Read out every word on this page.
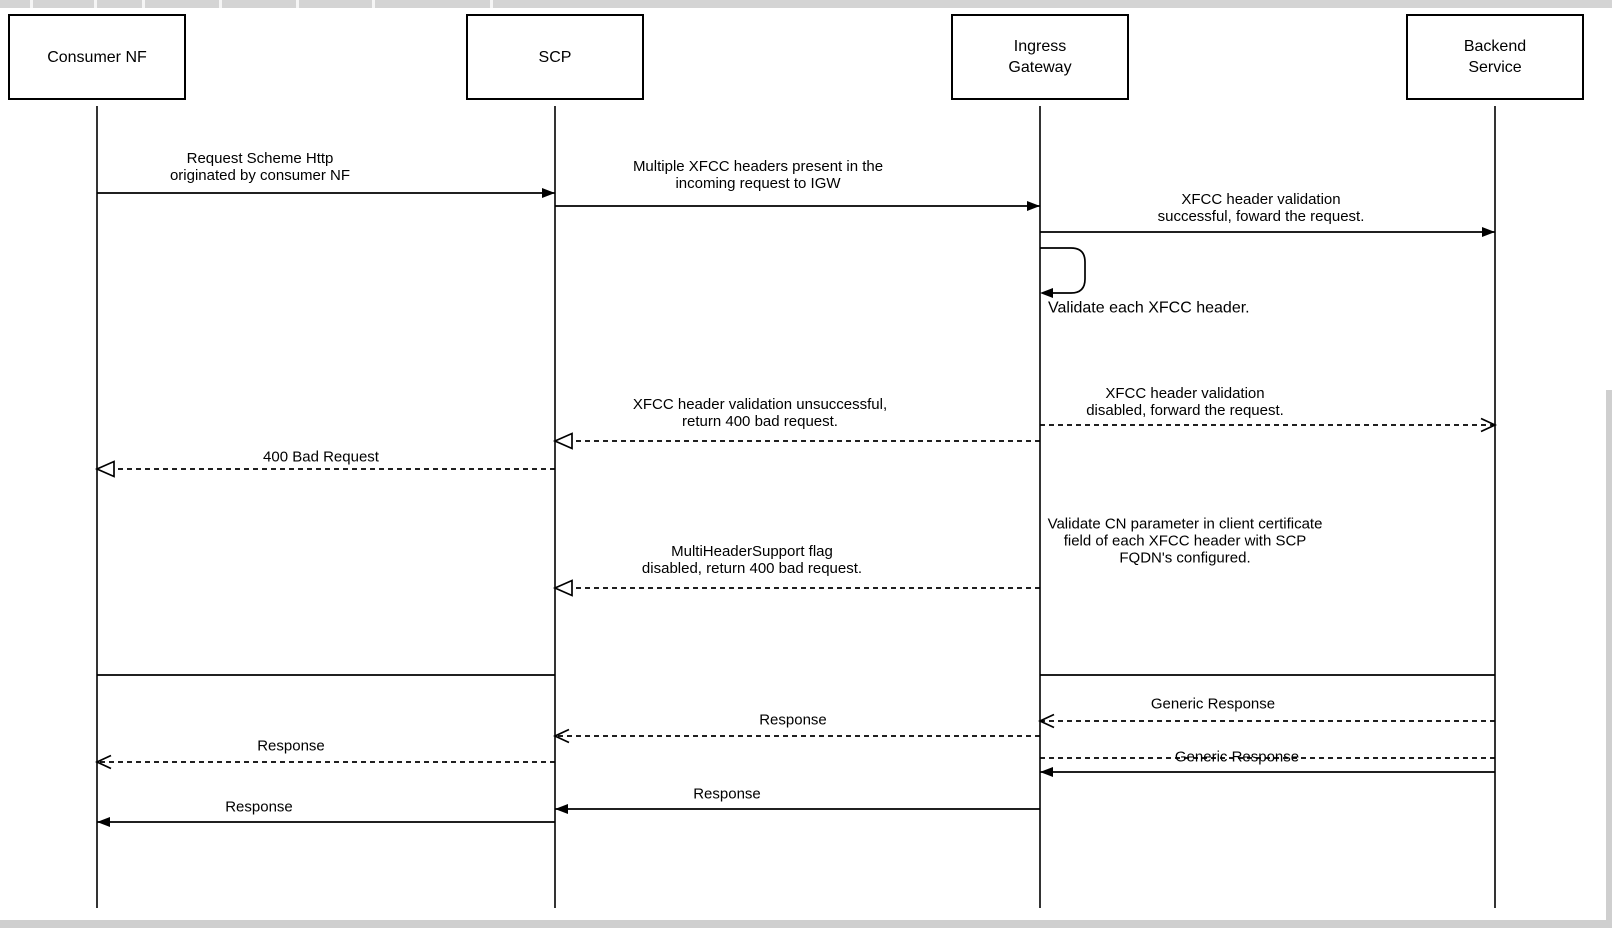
Consumer NF	SCP
Ingress
Gateway
Backend
Service
Request Scheme Http
originated by consumer NF
Multiple XFCC headers present in the
incoming request to IGW
XFCC header validation
successful, foward the request.
Validate each XFCC header.
XFCC header validation
disabled, forward the request.
XFCC header validation unsuccessful,
return 400 bad request.
400 Bad Request
Validate CN parameter in client certificate
field of each XFCC header with SCP
FQDN's configured.
MultiHeaderSupport flag
disabled, return 400 bad request.
Generic Response
Response
Response
Generic Response
Response
Response
